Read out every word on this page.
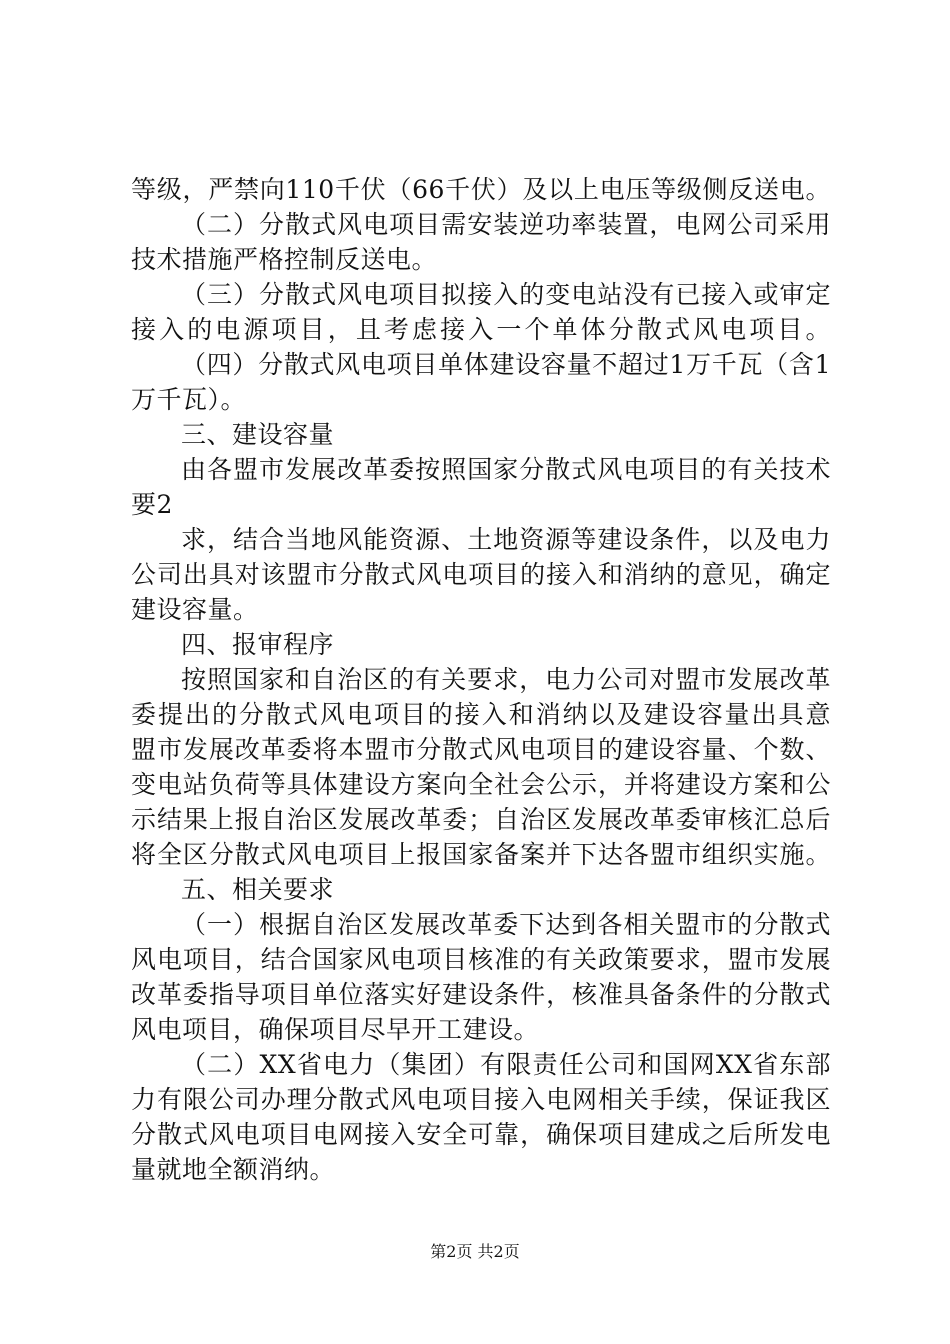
等级，严禁向110千伏（66千伏）及以上电压等级侧反送电。
（二）分散式风电项目需安装逆功率装置，电网公司采用
技术措施严格控制反送电。
（三）分散式风电项目拟接入的变电站没有已接入或审定
接入的电源项目，且考虑接入一个单体分散式风电项目。
（四）分散式风电项目单体建设容量不超过1万千瓦（含1
万千瓦）。
三、建设容量
由各盟市发展改革委按照国家分散式风电项目的有关技术
要2
求，结合当地风能资源、土地资源等建设条件，以及电力
公司出具对该盟市分散式风电项目的接入和消纳的意见，确定
建设容量。
四、报审程序
按照国家和自治区的有关要求，电力公司对盟市发展改革
委提出的分散式风电项目的接入和消纳以及建设容量出具意
盟市发展改革委将本盟市分散式风电项目的建设容量、个数、
变电站负荷等具体建设方案向全社会公示，并将建设方案和公
示结果上报自治区发展改革委；自治区发展改革委审核汇总后
将全区分散式风电项目上报国家备案并下达各盟市组织实施。
五、相关要求
（一）根据自治区发展改革委下达到各相关盟市的分散式
风电项目，结合国家风电项目核准的有关政策要求，盟市发展
改革委指导项目单位落实好建设条件，核准具备条件的分散式
风电项目，确保项目尽早开工建设。
（二）XX省电力（集团）有限责任公司和国网XX省东部
力有限公司办理分散式风电项目接入电网相关手续，保证我区
分散式风电项目电网接入安全可靠，确保项目建成之后所发电
量就地全额消纳。
第2页 共2页
